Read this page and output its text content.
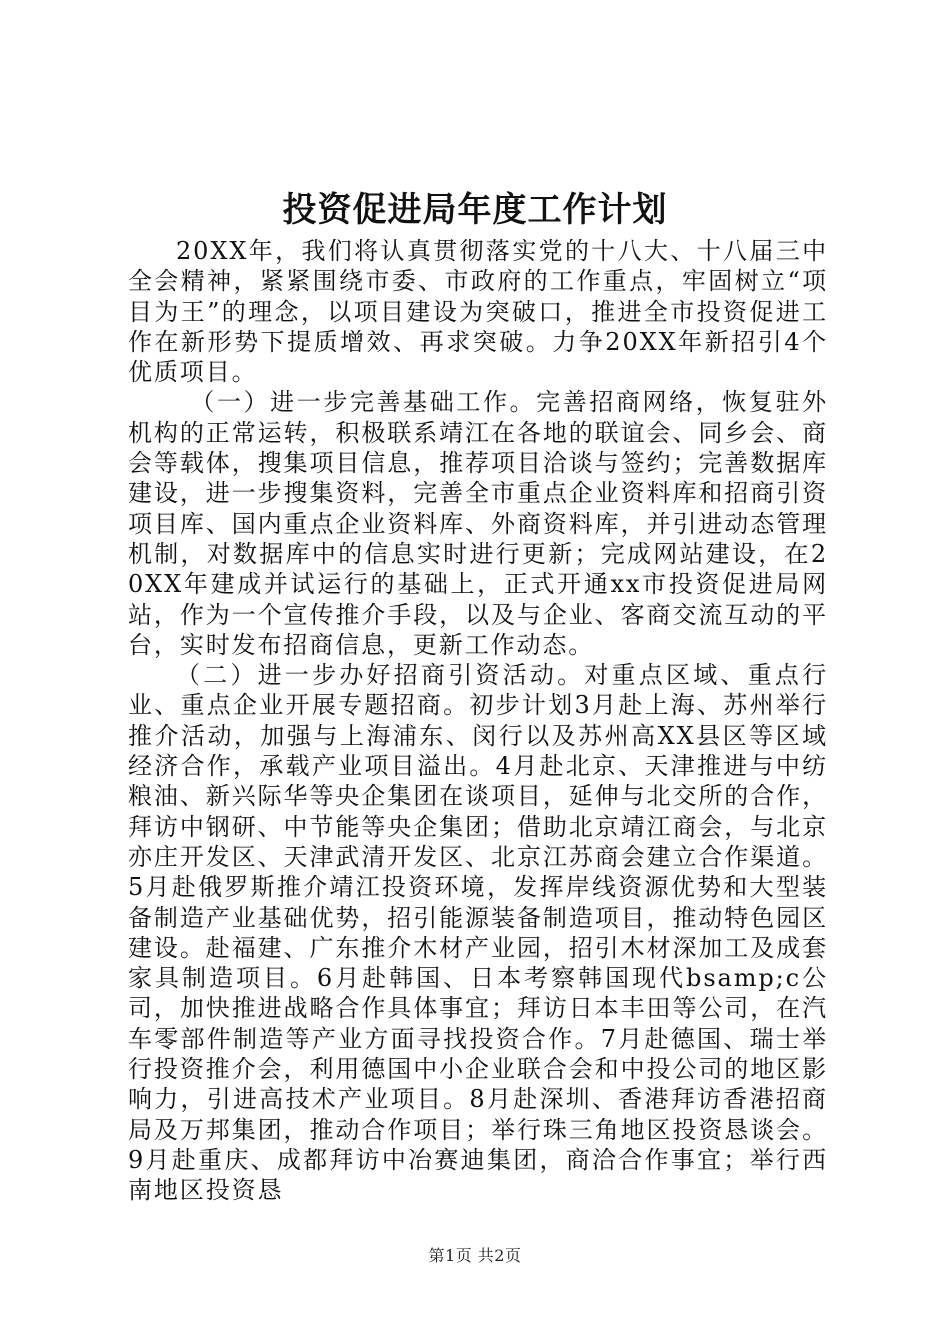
投资促进局年度工作计划

20XX年，我们将认真贯彻落实党的十八大、十八届三中全会精神，紧紧围绕市委、市政府的工作重点，牢固树立“项目为王”的理念，以项目建设为突破口，推进全市投资促进工作在新形势下提质增效、再求突破。力争20XX年新招引4个优质项目。

（一）进一步完善基础工作。完善招商网络，恢复驻外机构的正常运转，积极联系靖江在各地的联谊会、同乡会、商会等载体，搜集项目信息，推荐项目洽谈与签约；完善数据库建设，进一步搜集资料，完善全市重点企业资料库和招商引资项目库、国内重点企业资料库、外商资料库，并引进动态管理机制，对数据库中的信息实时进行更新；完成网站建设，在20XX年建成并试运行的基础上，正式开通xx市投资促进局网站，作为一个宣传推介手段，以及与企业、客商交流互动的平台，实时发布招商信息，更新工作动态。

（二）进一步办好招商引资活动。对重点区域、重点行业、重点企业开展专题招商。初步计划3月赴上海、苏州举行推介活动，加强与上海浦东、闵行以及苏州高XX县区等区域经济合作，承载产业项目溢出。4月赴北京、天津推进与中纺粮油、新兴际华等央企集团在谈项目，延伸与北交所的合作，拜访中钢研、中节能等央企集团；借助北京靖江商会，与北京亦庄开发区、天津武清开发区、北京江苏商会建立合作渠道。5月赴俄罗斯推介靖江投资环境，发挥岸线资源优势和大型装备制造产业基础优势，招引能源装备制造项目，推动特色园区建设。赴福建、广东推介木材产业园，招引木材深加工及成套家具制造项目。6月赴韩国、日本考察韩国现代bsamp;c公司，加快推进战略合作具体事宜；拜访日本丰田等公司，在汽车零部件制造等产业方面寻找投资合作。7月赴德国、瑞士举行投资推介会，利用德国中小企业联合会和中投公司的地区影响力，引进高技术产业项目。8月赴深圳、香港拜访香港招商局及万邦集团，推动合作项目；举行珠三角地区投资恳谈会。9月赴重庆、成都拜访中冶赛迪集团，商洽合作事宜；举行西南地区投资恳

第1页 共2页
